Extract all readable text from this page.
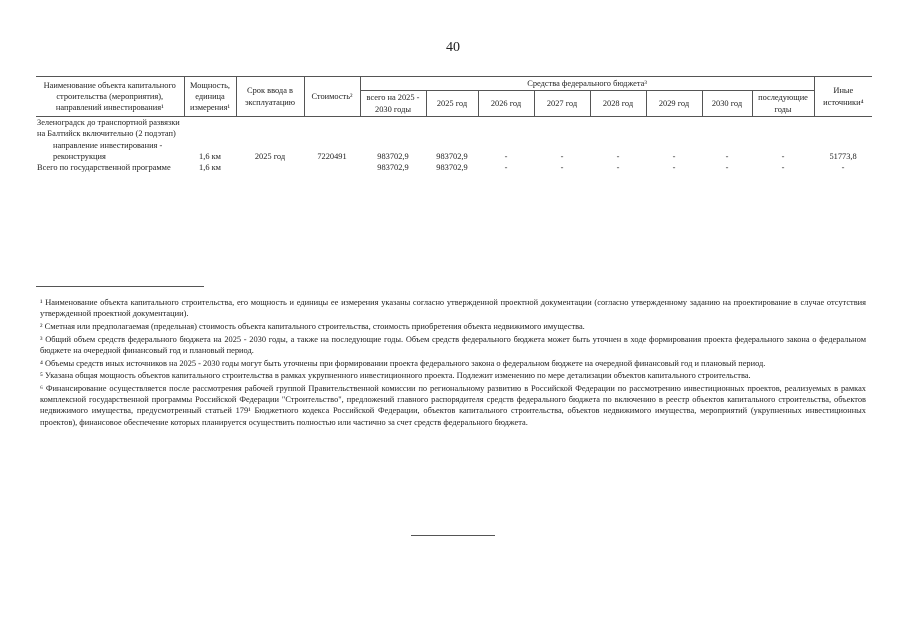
40
Наименование объекта капитального строительства (мероприятия), направлений инвестирования¹	Мощность, единица измерения¹	Срок ввода в эксплуатацию	Стоимость²	Средства федерального бюджета³								Иные источники⁴
				всего на 2025 - 2030 годы	2025 год	2026 год	2027 год	2028 год	2029 год	2030 год	последующие годы	
Зеленоградск до транспортной развязки на Балтийск включительно (2 подэтап)												
направление инвестирования -												
реконструкция	1,6 км	2025 год	7220491	983702,9	983702,9	-	-	-	-	-	-	51773,8
Всего по государственной программе	1,6 км			983702,9	983702,9	-	-	-	-	-	-	-

¹ Наименование объекта капитального строительства, его мощность и единицы ее измерения указаны согласно утвержденной проектной документации (согласно утвержденному заданию на проектирование в случае отсутствия утвержденной проектной документации).

² Сметная или предполагаемая (предельная) стоимость объекта капитального строительства, стоимость приобретения объекта недвижимого имущества.

³ Общий объем средств федерального бюджета на 2025 - 2030 годы, а также на последующие годы. Объем средств федерального бюджета может быть уточнен в ходе формирования проекта федерального закона о федеральном бюджете на очередной финансовый год и плановый период.

⁴ Объемы средств иных источников на 2025 - 2030 годы могут быть уточнены при формировании проекта федерального закона о федеральном бюджете на очередной финансовый год и плановый период.

⁵ Указана общая мощность объектов капитального строительства в рамках укрупненного инвестиционного проекта. Подлежит изменению по мере детализации объектов капитального строительства.

⁶ Финансирование осуществляется после рассмотрения рабочей группой Правительственной комиссии по региональному развитию в Российской Федерации по рассмотрению инвестиционных проектов, реализуемых в рамках комплексной государственной программы Российской Федерации "Строительство", предложений главного распорядителя средств федерального бюджета по включению в реестр объектов капитального строительства, объектов недвижимого имущества, предусмотренный статьей 179¹ Бюджетного кодекса Российской Федерации, объектов капитального строительства, объектов недвижимого имущества, мероприятий (укрупненных инвестиционных проектов), финансовое обеспечение которых планируется осуществить полностью или частично за счет средств федерального бюджета.
